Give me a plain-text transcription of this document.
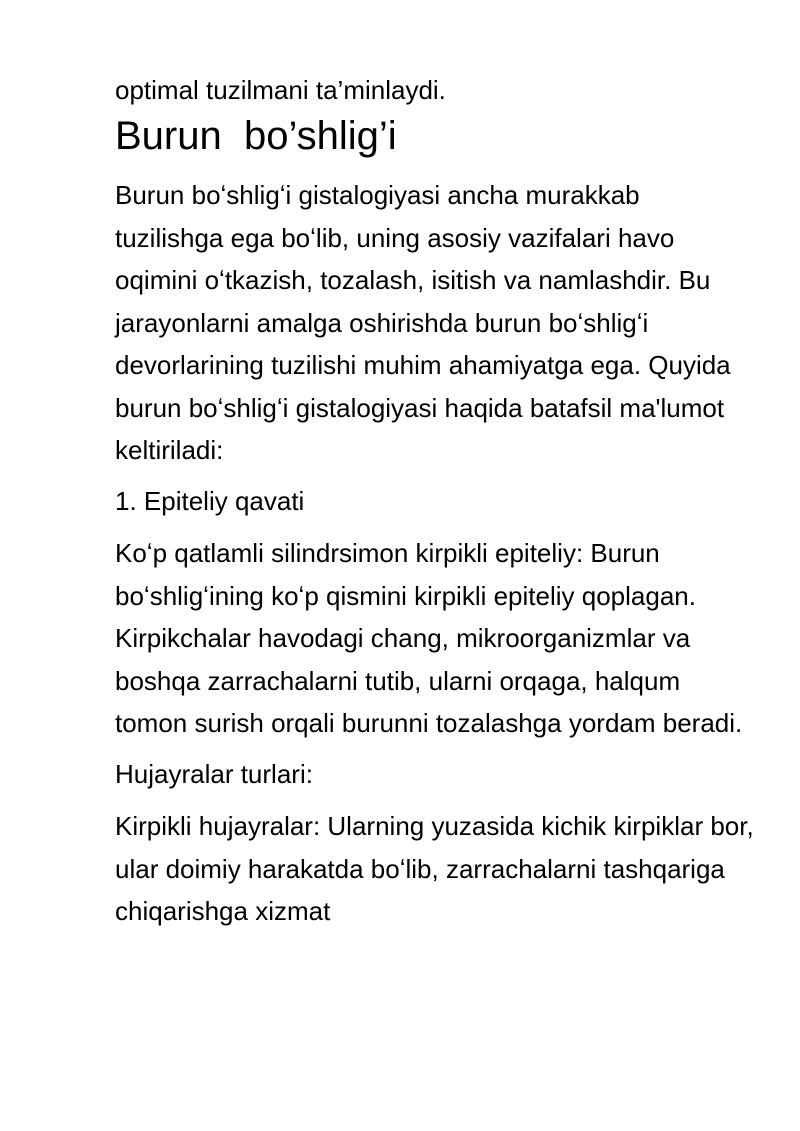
optimal tuzilmani ta’minlaydi.

Burun  bo’shlig’i

Burun boʻshligʻi gistalogiyasi ancha murakkab tuzilishga ega boʻlib, uning asosiy vazifalari havo oqimini oʻtkazish, tozalash, isitish va namlashdir. Bu jarayonlarni amalga oshirishda burun boʻshligʻi devorlarining tuzilishi muhim ahamiyatga ega. Quyida burun boʻshligʻi gistalogiyasi haqida batafsil ma'lumot keltiriladi:

1. Epiteliy qavati

Koʻp qatlamli silindrsimon kirpikli epiteliy: Burun boʻshligʻining koʻp qismini kirpikli epiteliy qoplagan. Kirpikchalar havodagi chang, mikroorganizmlar va boshqa zarrachalarni tutib, ularni orqaga, halqum tomon surish orqali burunni tozalashga yordam beradi.

Hujayralar turlari:

Kirpikli hujayralar: Ularning yuzasida kichik kirpiklar bor, ular doimiy harakatda boʻlib, zarrachalarni tashqariga chiqarishga xizmat
